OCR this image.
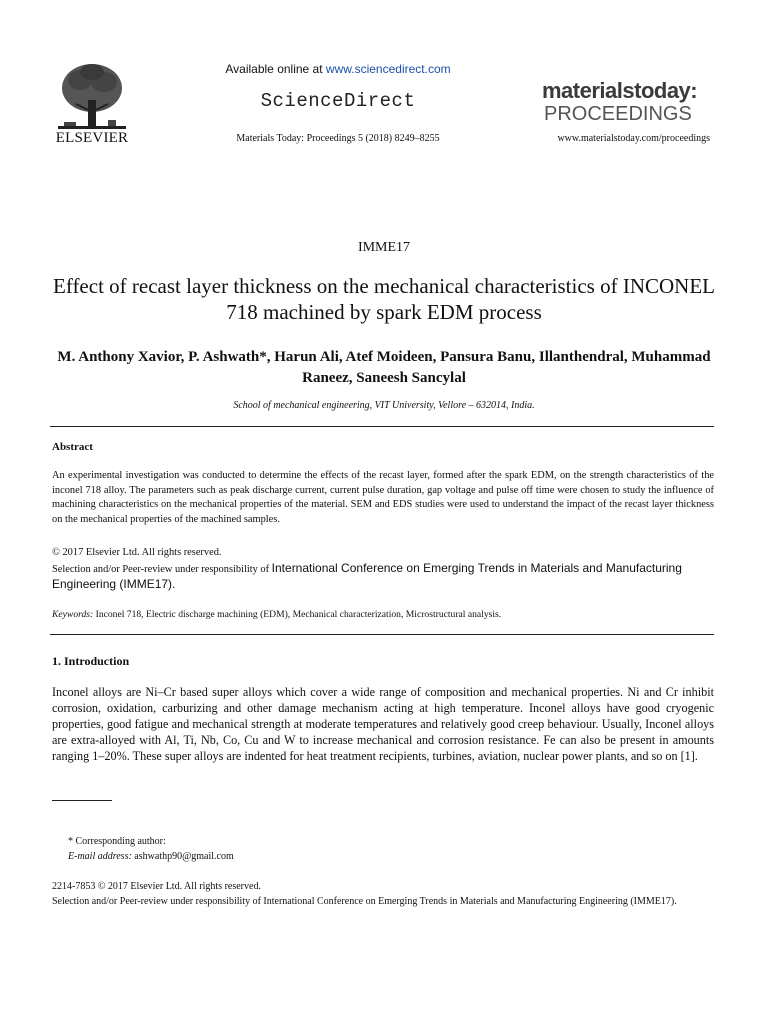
ELSEVIER
Available online at www.sciencedirect.com
ScienceDirect
Materials Today: Proceedings 5 (2018) 8249–8255
materialstoday:
PROCEEDINGS
www.materialstoday.com/proceedings
IMME17
Effect of recast layer thickness on the mechanical characteristics of INCONEL 718 machined by spark EDM process
M. Anthony Xavior, P. Ashwath*, Harun Ali, Atef Moideen, Pansura Banu, Illanthendral, Muhammad Raneez, Saneesh Sancylal
School of mechanical engineering, VIT University, Vellore – 632014, India.
Abstract
An experimental investigation was conducted to determine the effects of the recast layer, formed after the spark EDM, on the strength characteristics of the inconel 718 alloy. The parameters such as peak discharge current, current pulse duration, gap voltage and pulse off time were chosen to study the influence of machining characteristics on the mechanical properties of the material. SEM and EDS studies were used to understand the impact of the recast layer thickness on the mechanical properties of the machined samples.
© 2017 Elsevier Ltd. All rights reserved.
Selection and/or Peer-review under responsibility of International Conference on Emerging Trends in Materials and Manufacturing Engineering (IMME17).
Keywords: Inconel 718, Electric discharge machining (EDM), Mechanical characterization, Microstructural analysis.
1. Introduction
Inconel alloys are Ni–Cr based super alloys which cover a wide range of composition and mechanical properties. Ni and Cr inhibit corrosion, oxidation, carburizing and other damage mechanism acting at high temperature. Inconel alloys have good cryogenic properties, good fatigue and mechanical strength at moderate temperatures and relatively good creep behaviour. Usually, Inconel alloys are extra-alloyed with Al, Ti, Nb, Co, Cu and W to increase mechanical and corrosion resistance. Fe can also be present in amounts ranging 1–20%. These super alloys are indented for heat treatment recipients, turbines, aviation, nuclear power plants, and so on [1].
* Corresponding author:
E-mail address: ashwathp90@gmail.com
2214-7853 © 2017 Elsevier Ltd. All rights reserved.
Selection and/or Peer-review under responsibility of International Conference on Emerging Trends in Materials and Manufacturing Engineering (IMME17).
